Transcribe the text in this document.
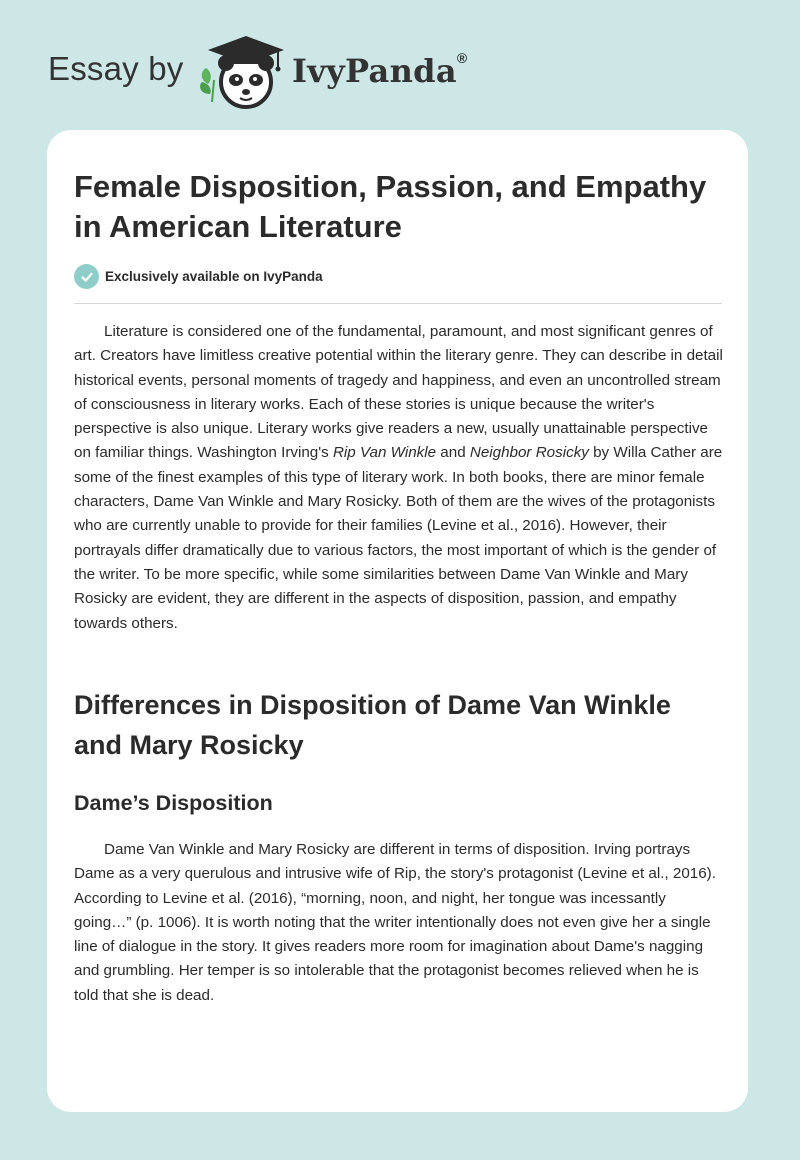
Essay by	IvyPanda®
Female Disposition, Passion, and Empathy in American Literature
Exclusively available on IvyPanda

Literature is considered one of the fundamental, paramount, and most significant genres of art. Creators have limitless creative potential within the literary genre. They can describe in detail historical events, personal moments of tragedy and happiness, and even an uncontrolled stream of consciousness in literary works. Each of these stories is unique because the writer's perspective is also unique. Literary works give readers a new, usually unattainable perspective on familiar things. Washington Irving's Rip Van Winkle and Neighbor Rosicky by Willa Cather are some of the finest examples of this type of literary work. In both books, there are minor female characters, Dame Van Winkle and Mary Rosicky. Both of them are the wives of the protagonists who are currently unable to provide for their families (Levine et al., 2016). However, their portrayals differ dramatically due to various factors, the most important of which is the gender of the writer. To be more specific, while some similarities between Dame Van Winkle and Mary Rosicky are evident, they are different in the aspects of disposition, passion, and empathy towards others.

Differences in Disposition of Dame Van Winkle and Mary Rosicky
Dame’s Disposition

Dame Van Winkle and Mary Rosicky are different in terms of disposition. Irving portrays Dame as a very querulous and intrusive wife of Rip, the story's protagonist (Levine et al., 2016). According to Levine et al. (2016), “morning, noon, and night, her tongue was incessantly going…” (p. 1006). It is worth noting that the writer intentionally does not even give her a single line of dialogue in the story. It gives readers more room for imagination about Dame's nagging and grumbling. Her temper is so intolerable that the protagonist becomes relieved when he is told that she is dead.
